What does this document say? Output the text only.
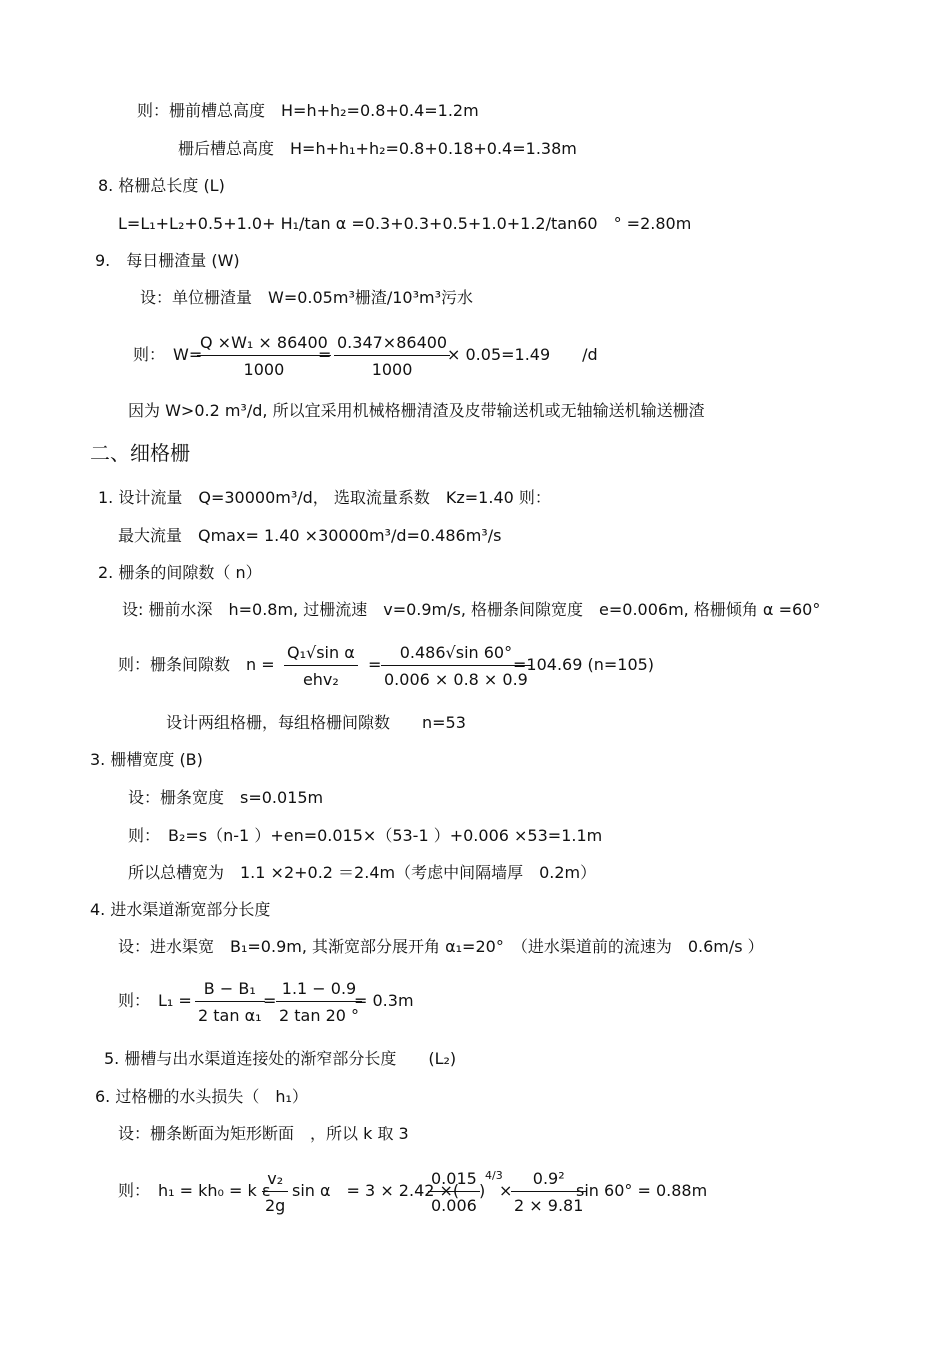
则：栅前槽总高度　H=h+h₂=0.8+0.4=1.2m
栅后槽总高度　H=h+h₁+h₂=0.8+0.18+0.4=1.38m
8. 格栅总长度 (L)
L=L₁+L₂+0.5+1.0+ H₁/tan α =0.3+0.3+0.5+1.0+1.2/tan60　° =2.80m
9.　每日栅渣量 (W)
设：单位栅渣量　W=0.05m³栅渣/10³m³污水
则：　W=
Q ×W₁ × 86400
1000
=
0.347×86400
1000
× 0.05=1.49　　/d
因为 W>0.2 m³/d, 所以宜采用机械格栅清渣及皮带输送机或无轴输送机输送栅渣
二、细格栅
1. 设计流量　Q=30000m³/d， 选取流量系数　Kz=1.40 则：
最大流量　Qmax= 1.40 ×30000m³/d=0.486m³/s
2. 栅条的间隙数（ n）
设: 栅前水深　h=0.8m, 过栅流速　v=0.9m/s, 格栅条间隙宽度　e=0.006m, 格栅倾角 α =60°
则：栅条间隙数　n =
Q₁√sin α
ehv₂
=
0.486√sin 60°
0.006 × 0.8 × 0.9
=104.69 (n=105)
设计两组格栅，每组格栅间隙数　　n=53
3. 栅槽宽度 (B)
设：栅条宽度　s=0.015m
则：　B₂=s（n-1 ）+en=0.015×（53-1 ）+0.006 ×53=1.1m
所以总槽宽为　1.1 ×2+0.2 ＝2.4m（考虑中间隔墙厚　0.2m）
4. 进水渠道渐宽部分长度
设：进水渠宽　B₁=0.9m, 其渐宽部分展开角 α₁=20°　（进水渠道前的流速为　0.6m/s ）
则：　L₁ =
B − B₁
2 tan α₁
=
1.1 − 0.9
2 tan 20 °
= 0.3m
5. 栅槽与出水渠道连接处的渐窄部分长度　　(L₂)
6. 过格栅的水头损失（　h₁）
设：栅条断面为矩形断面　，所以 k 取 3
则：　h₁ = kh₀ = k ε
v₂
2g
sin α　= 3 × 2.42 ×(
0.015
0.006
)
4/3
×
0.9²
2 × 9.81
sin 60° = 0.88m
